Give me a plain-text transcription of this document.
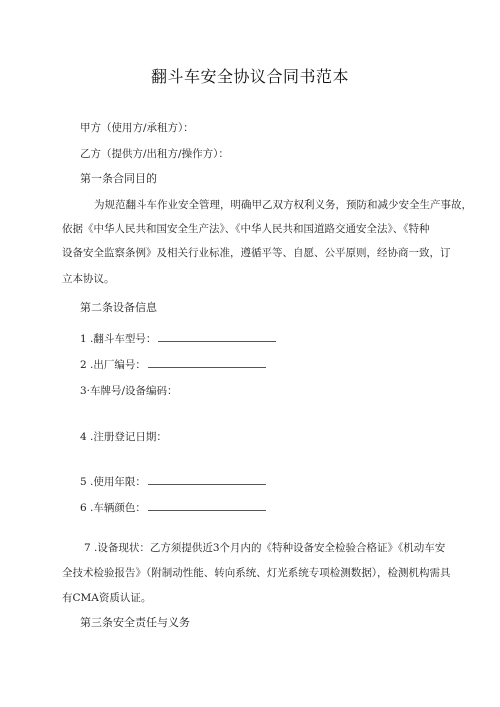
翻斗车安全协议合同书范本
甲方（使用方/承租方）：
乙方（提供方/出租方/操作方）：
第一条合同目的
为规范翻斗车作业安全管理，明确甲乙双方权利义务，预防和减少安全生产事故，
依据《中华人民共和国安全生产法》、《中华人民共和国道路交通安全法》、《特种
设备安全监察条例》及相关行业标准，遵循平等、自愿、公平原则，经协商一致，订
立本协议。
第二条设备信息
1 .翻斗车型号：
2 .出厂编号：
3·车牌号/设备编码：
4 .注册登记日期：
5 .使用年限：
6 .车辆颜色：
7 .设备现状：乙方须提供近3个月内的《特种设备安全检验合格证》《机动车安
全技术检验报告》（附制动性能、转向系统、灯光系统专项检测数据），检测机构需具
有CMA资质认证。
第三条安全责任与义务
